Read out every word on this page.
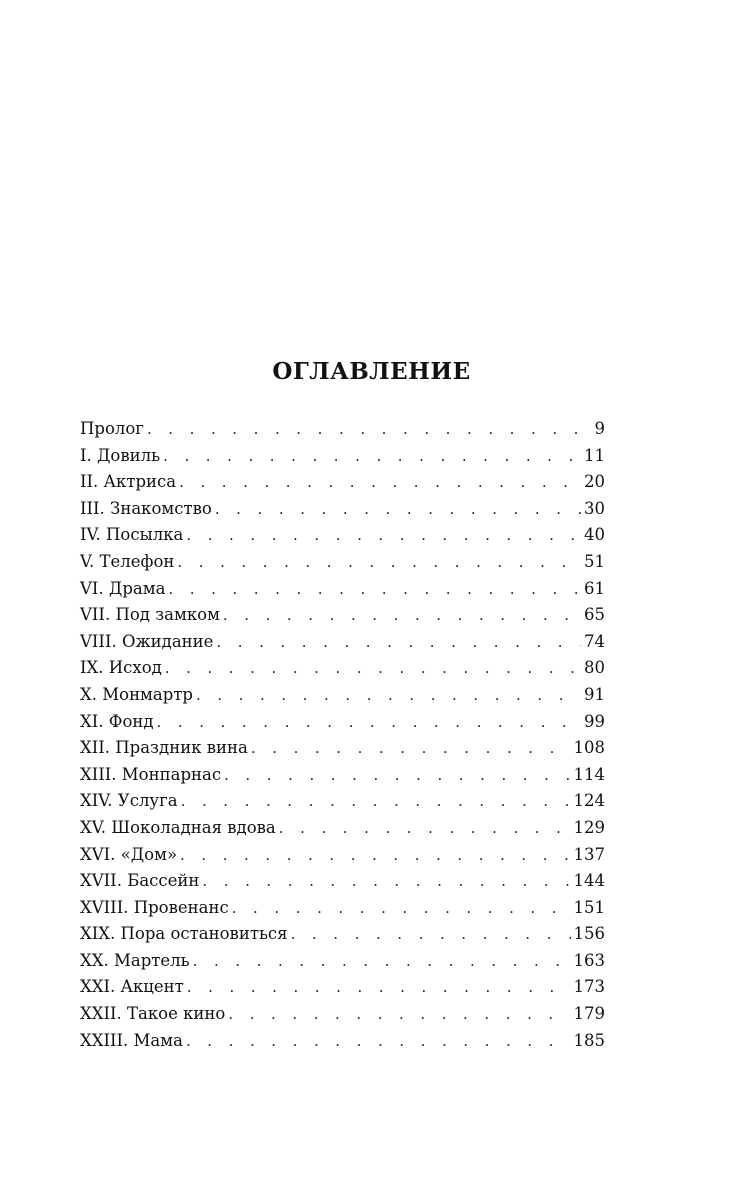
ОГЛАВЛЕНИЕ
Пролог . . .	9
I. Довиль . . .	11
II. Актриса . . .	20
III. Знакомство . . .	30
IV. Посылка . . .	40
V. Телефон . . .	51
VI. Драма . . .	61
VII. Под замком . . .	65
VIII. Ожидание . . .	74
IX. Исход . . .	80
X. Монмартр . . .	91
XI. Фонд . . .	99
XII. Праздник вина . . .	108
XIII. Монпарнас . . .	114
XIV. Услуга . . .	124
XV. Шоколадная вдова . . .	129
XVI. «Дом» . . .	137
XVII. Бассейн . . .	144
XVIII. Провенанс . . .	151
XIX. Пора остановиться . . .	156
XX. Мартель . . .	163
XXI. Акцент . . .	173
XXII. Такое кино . . .	179
XXIII. Мама . . .	185
